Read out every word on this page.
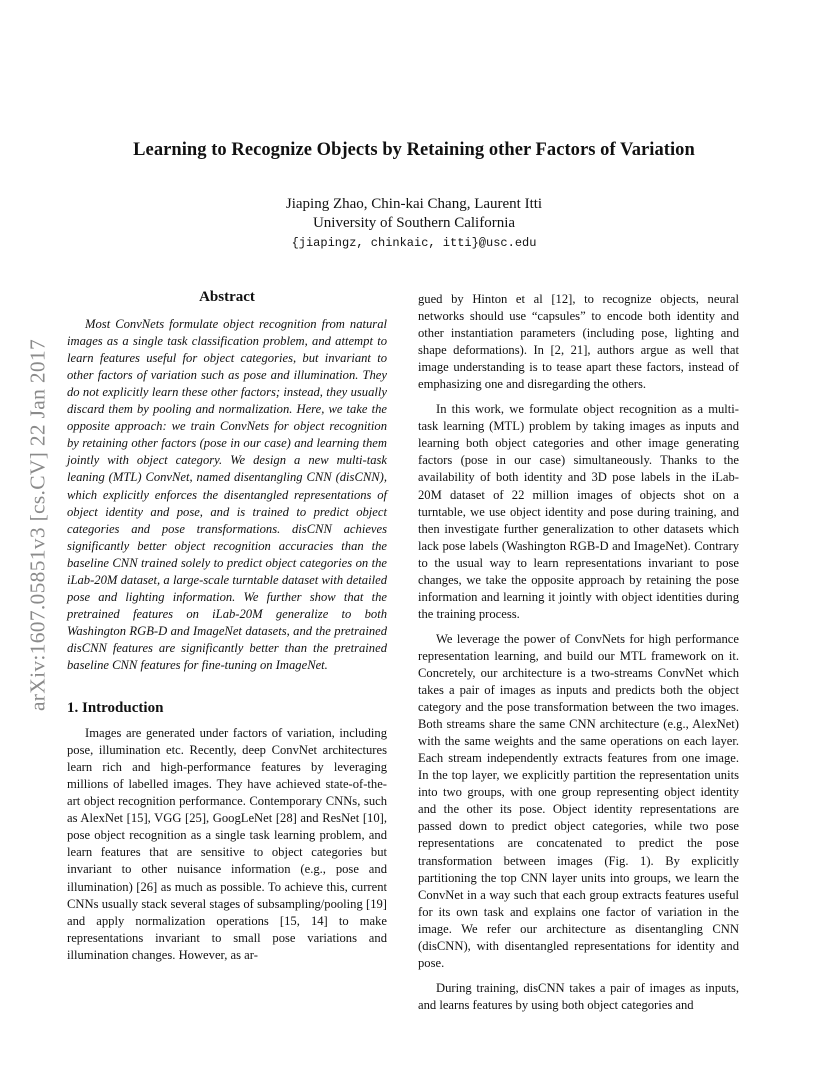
Learning to Recognize Objects by Retaining other Factors of Variation
Jiaping Zhao, Chin-kai Chang, Laurent Itti
University of Southern California
{jiapingz, chinkaic, itti}@usc.edu
arXiv:1607.05851v3 [cs.CV] 22 Jan 2017
Abstract

Most ConvNets formulate object recognition from natural images as a single task classification problem, and attempt to learn features useful for object categories, but invariant to other factors of variation such as pose and illumination. They do not explicitly learn these other factors; instead, they usually discard them by pooling and normalization. Here, we take the opposite approach: we train ConvNets for object recognition by retaining other factors (pose in our case) and learning them jointly with object category. We design a new multi-task leaning (MTL) ConvNet, named disentangling CNN (disCNN), which explicitly enforces the disentangled representations of object identity and pose, and is trained to predict object categories and pose transformations. disCNN achieves significantly better object recognition accuracies than the baseline CNN trained solely to predict object categories on the iLab-20M dataset, a large-scale turntable dataset with detailed pose and lighting information. We further show that the pretrained features on iLab-20M generalize to both Washington RGB-D and ImageNet datasets, and the pretrained disCNN features are significantly better than the pretrained baseline CNN features for fine-tuning on ImageNet.

1. Introduction

Images are generated under factors of variation, including pose, illumination etc. Recently, deep ConvNet architectures learn rich and high-performance features by leveraging millions of labelled images. They have achieved state-of-the-art object recognition performance. Contemporary CNNs, such as AlexNet [15], VGG [25], GoogLeNet [28] and ResNet [10], pose object recognition as a single task learning problem, and learn features that are sensitive to object categories but invariant to other nuisance information (e.g., pose and illumination) [26] as much as possible. To achieve this, current CNNs usually stack several stages of subsampling/pooling [19] and apply normalization operations [15, 14] to make representations invariant to small pose variations and illumination changes. However, as ar-

gued by Hinton et al [12], to recognize objects, neural networks should use “capsules” to encode both identity and other instantiation parameters (including pose, lighting and shape deformations). In [2, 21], authors argue as well that image understanding is to tease apart these factors, instead of emphasizing one and disregarding the others.

In this work, we formulate object recognition as a multi-task learning (MTL) problem by taking images as inputs and learning both object categories and other image generating factors (pose in our case) simultaneously. Thanks to the availability of both identity and 3D pose labels in the iLab-20M dataset of 22 million images of objects shot on a turntable, we use object identity and pose during training, and then investigate further generalization to other datasets which lack pose labels (Washington RGB-D and ImageNet). Contrary to the usual way to learn representations invariant to pose changes, we take the opposite approach by retaining the pose information and learning it jointly with object identities during the training process.

We leverage the power of ConvNets for high performance representation learning, and build our MTL framework on it. Concretely, our architecture is a two-streams ConvNet which takes a pair of images as inputs and predicts both the object category and the pose transformation between the two images. Both streams share the same CNN architecture (e.g., AlexNet) with the same weights and the same operations on each layer. Each stream independently extracts features from one image. In the top layer, we explicitly partition the representation units into two groups, with one group representing object identity and the other its pose. Object identity representations are passed down to predict object categories, while two pose representations are concatenated to predict the pose transformation between images (Fig. 1). By explicitly partitioning the top CNN layer units into groups, we learn the ConvNet in a way such that each group extracts features useful for its own task and explains one factor of variation in the image. We refer our architecture as disentangling CNN (disCNN), with disentangled representations for identity and pose.

During training, disCNN takes a pair of images as inputs, and learns features by using both object categories and
